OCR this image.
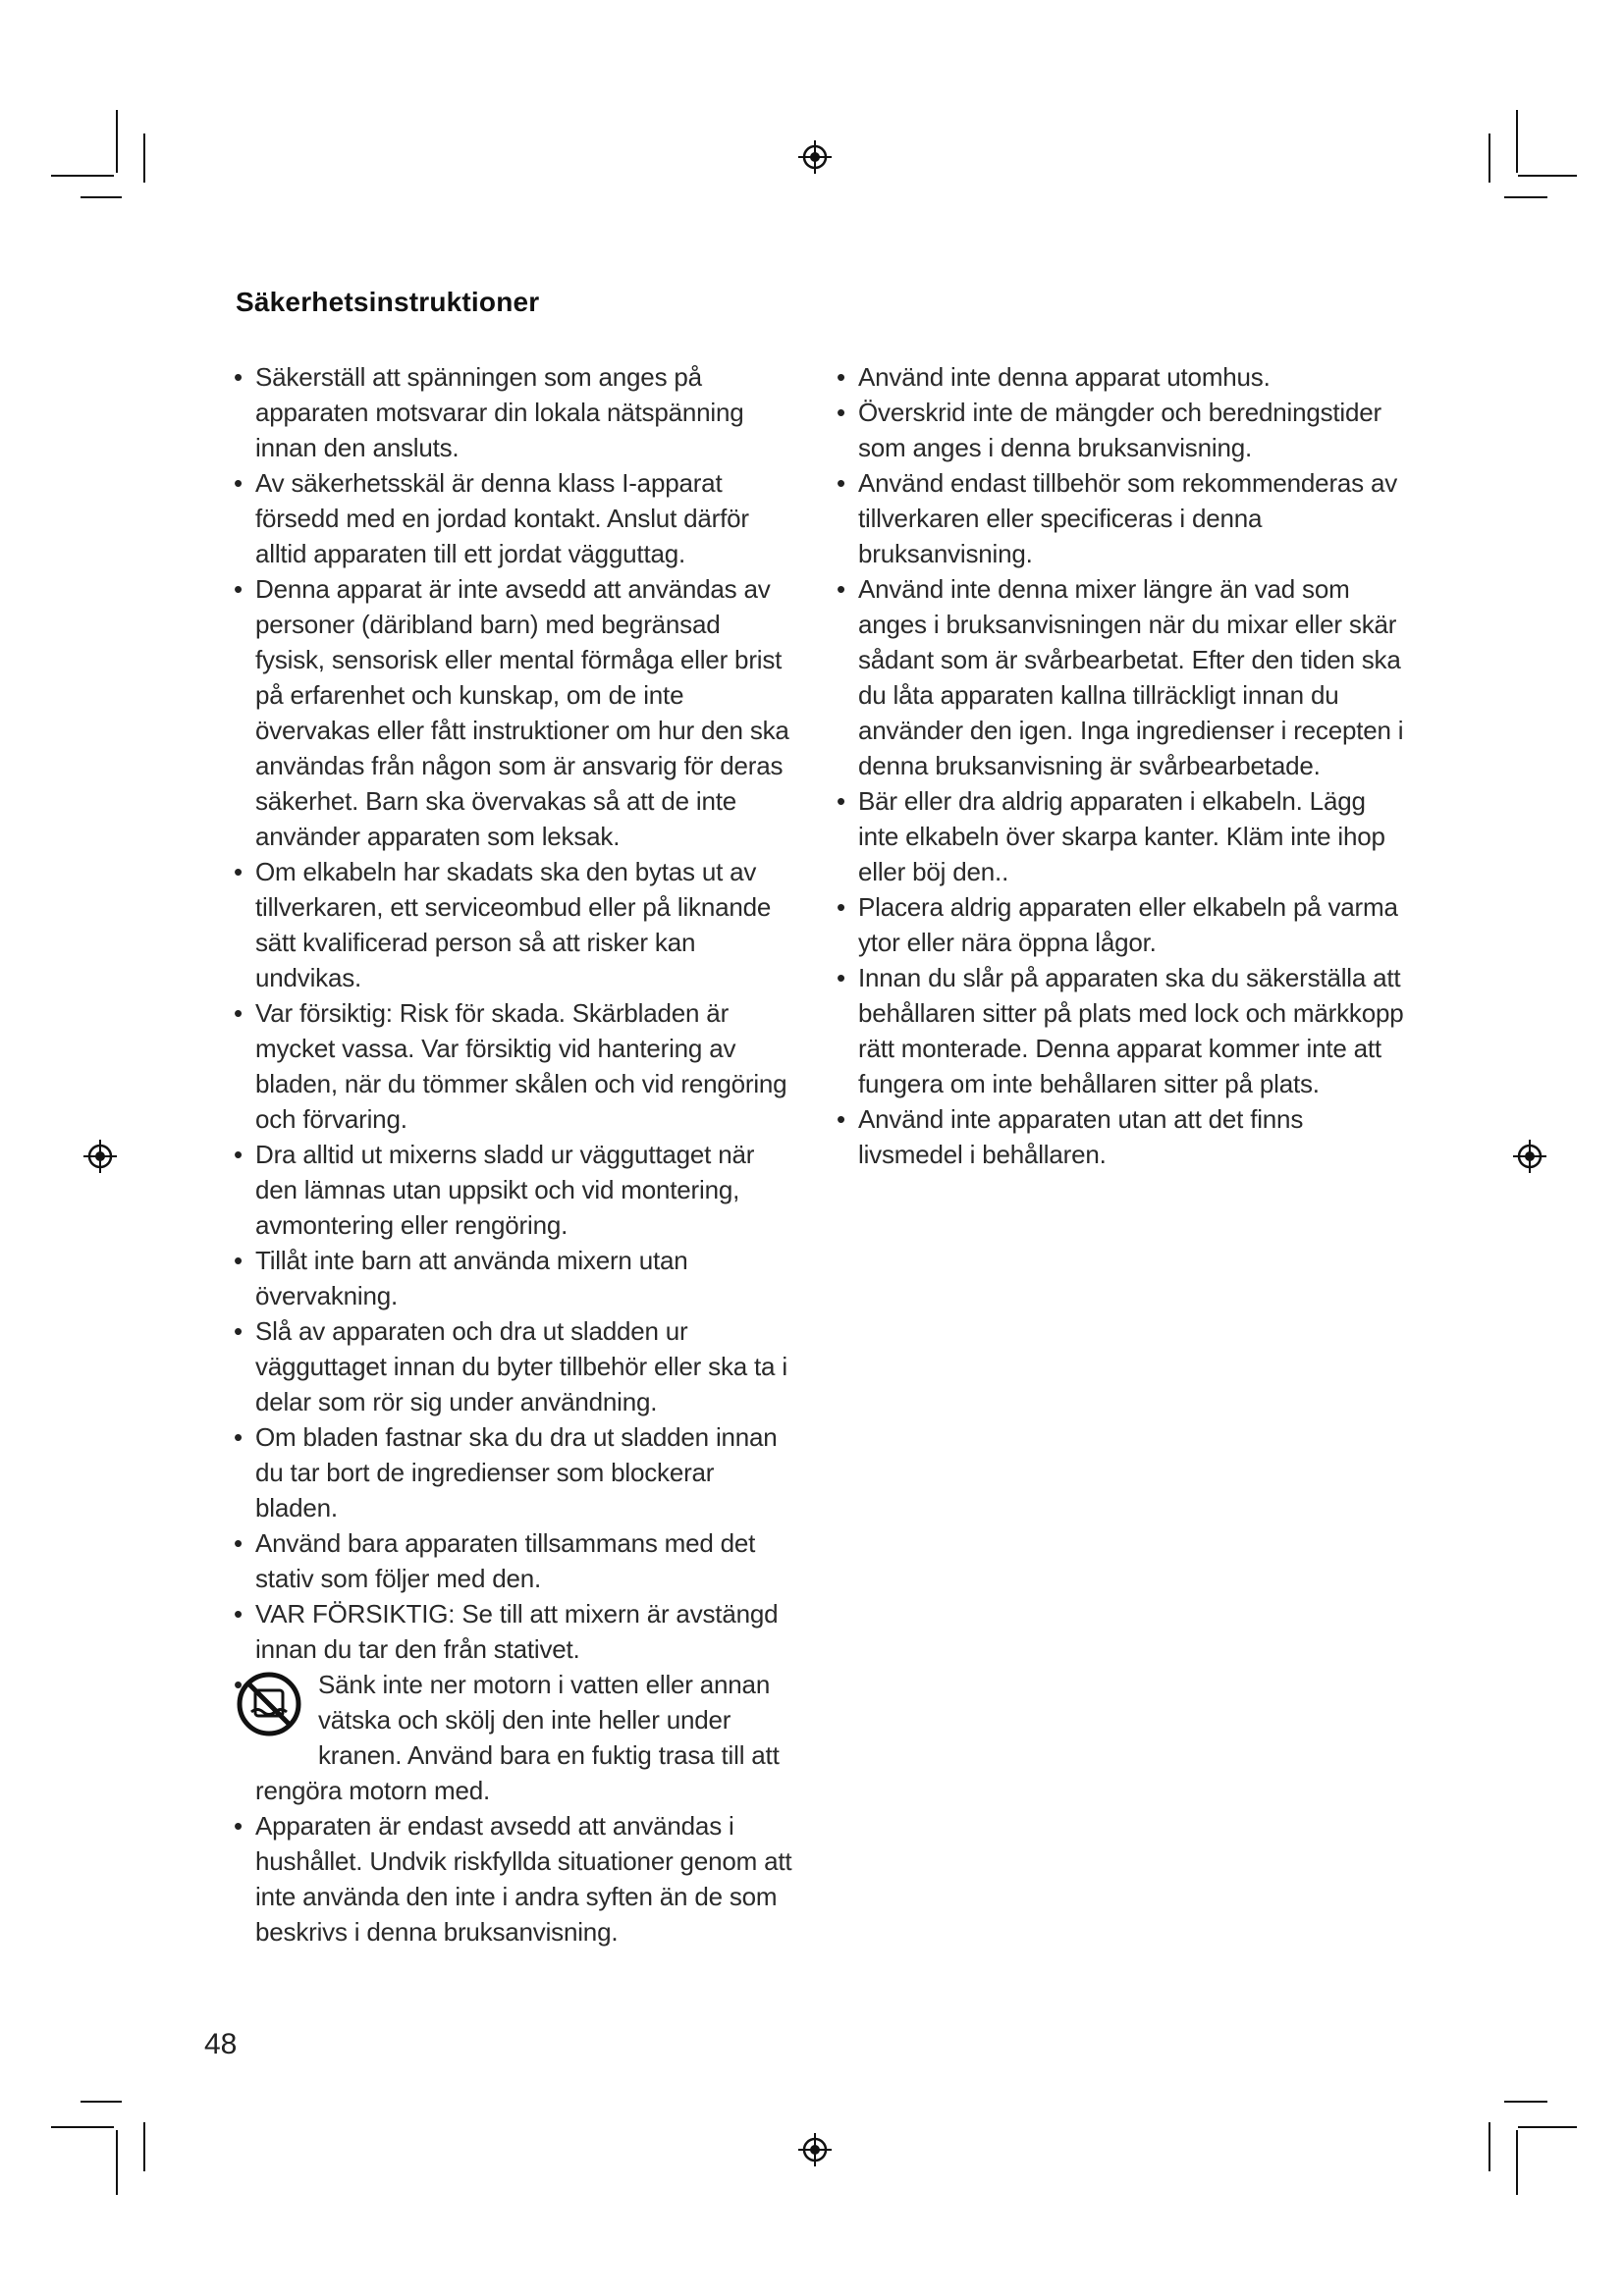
Säkerhetsinstruktioner
• Säkerställ att spänningen som anges på apparaten motsvarar din lokala nätspänning innan den ansluts.
• Av säkerhetsskäl är denna klass I-apparat försedd med en jordad kontakt. Anslut därför alltid apparaten till ett jordat vägguttag.
• Denna apparat är inte avsedd att användas av personer (däribland barn) med begränsad fysisk, sensorisk eller mental förmåga eller brist på erfarenhet och kunskap, om de inte övervakas eller fått instruktioner om hur den ska användas från någon som är ansvarig för deras säkerhet. Barn ska övervakas så att de inte använder apparaten som leksak.
• Om elkabeln har skadats ska den bytas ut av tillverkaren, ett serviceombud eller på liknande sätt kvalificerad person så att risker kan undvikas.
• Var försiktig: Risk för skada. Skärbladen är mycket vassa. Var försiktig vid hantering av bladen, när du tömmer skålen och vid rengöring och förvaring.
• Dra alltid ut mixerns sladd ur vägguttaget när den lämnas utan uppsikt och vid montering, avmontering eller rengöring.
• Tillåt inte barn att använda mixern utan övervakning.
• Slå av apparaten och dra ut sladden ur vägguttaget innan du byter tillbehör eller ska ta i delar som rör sig under användning.
• Om bladen fastnar ska du dra ut sladden innan du tar bort de ingredienser som blockerar bladen.
• Använd bara apparaten tillsammans med det stativ som följer med den.
• VAR FÖRSIKTIG: Se till att mixern är avstängd innan du tar den från stativet.
• Sänk inte ner motorn i vatten eller annan vätska och skölj den inte heller under kranen. Använd bara en fuktig trasa till att rengöra motorn med.
• Apparaten är endast avsedd att användas i hushållet. Undvik riskfyllda situationer genom att inte använda den inte i andra syften än de som beskrivs i denna bruksanvisning.
• Använd inte denna apparat utomhus.
• Överskrid inte de mängder och beredningstider som anges i denna bruksanvisning.
• Använd endast tillbehör som rekommenderas av tillverkaren eller specificeras i denna bruksanvisning.
• Använd inte denna mixer längre än vad som anges i bruksanvisningen när du mixar eller skär sådant som är svårbearbetat. Efter den tiden ska du låta apparaten kallna tillräckligt innan du använder den igen. Inga ingredienser i recepten i denna bruksanvisning är svårbearbetade.
• Bär eller dra aldrig apparaten i elkabeln. Lägg inte elkabeln över skarpa kanter. Kläm inte ihop eller böj den..
• Placera aldrig apparaten eller elkabeln på varma ytor eller nära öppna lågor.
• Innan du slår på apparaten ska du säkerställa att behållaren sitter på plats med lock och märkkopp rätt monterade. Denna apparat kommer inte att fungera om inte behållaren sitter på plats.
• Använd inte apparaten utan att det finns livsmedel i behållaren.
48
